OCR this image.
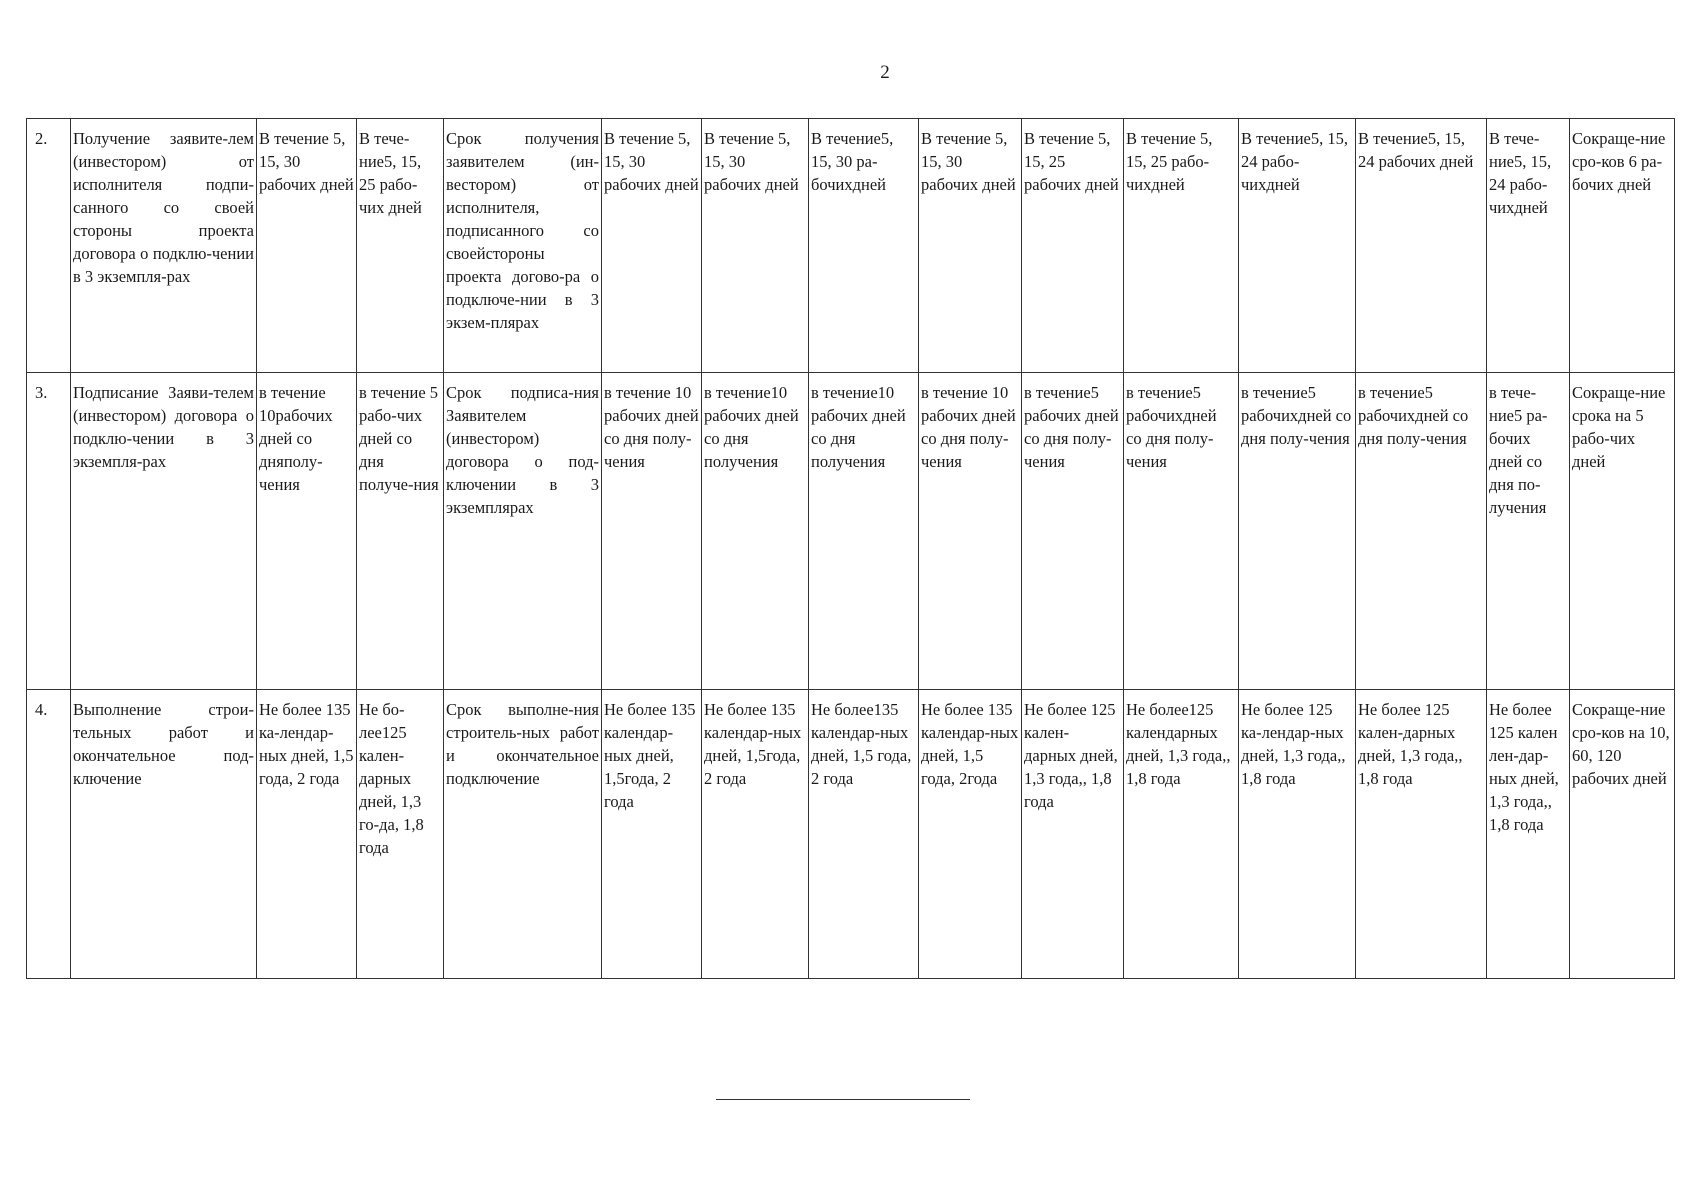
2
2.	Получение заявите-лем (инвестором) от исполнителя подпи-санного со своей стороны проекта договора о подклю-чении в 3 экземпля-рах	В течение 5, 15, 30 рабочих дней	В тече-ние5, 15, 25 рабо-чих дней	Срок получения заявителем (ин-вестором) от исполнителя, подписанного со своейстороны проекта догово-ра о подключе-нии в 3 экзем-плярах	В течение 5, 15, 30 рабочих дней	В течение 5, 15, 30 рабочих дней	В течение5, 15, 30 ра-бочихдней	В течение 5, 15, 30 рабочих дней	В течение 5, 15, 25 рабочих дней	В течение 5, 15, 25 рабо-чихдней	В течение5, 15, 24 рабо-чихдней	В течение5, 15, 24 рабочих дней	В тече-ние5, 15, 24 рабо-чихдней	Сокраще-ние сро-ков 6 ра-бочих дней
3.	Подписание Заяви-телем (инвестором) договора о подклю-чении в 3 экземпля-рах	в течение 10рабочих дней со дняполу-чения	в течение 5 рабо-чих дней со дня получе-ния	Срок подписа-ния Заявителем (инвестором) договора о под-ключении в 3 экземплярах	в течение 10 рабочих дней со дня полу-чения	в течение10 рабочих дней со дня получения	в течение10 рабочих дней со дня получения	в течение 10 рабочих дней со дня полу-чения	в течение5 рабочих дней со дня полу-чения	в течение5 рабочихдней со дня полу-чения	в течение5 рабочихдней со дня полу-чения	в течение5 рабочихдней со дня полу-чения	в тече-ние5 ра-бочих дней со дня по-лучения	Сокраще-ние срока на 5 рабо-чих дней
4.	Выполнение строи-тельных работ и окончательное под-ключение	Не более 135 ка-лендар-ных дней, 1,5 года, 2 года	Не бо-лее125 кален-дарных дней, 1,3 го-да, 1,8 года	Срок выполне-ния строитель-ных работ и окончательное подключение	Не более 135 календар-ных дней, 1,5года, 2 года	Не более 135 календар-ных дней, 1,5года, 2 года	Не более135 календар-ных дней, 1,5 года, 2 года	Не более 135 календар-ных дней, 1,5 года, 2года	Не более 125 кален-дарных дней, 1,3 года,, 1,8 года	Не более125 календарных дней, 1,3 года,, 1,8 года	Не более 125 ка-лендар-ных дней, 1,3 года,, 1,8 года	Не более 125 кален-дарных дней, 1,3 года,, 1,8 года	Не более 125 кален лен-дар-ных дней, 1,3 года,, 1,8 года	Сокраще-ние сро-ков на 10, 60, 120 рабочих дней
